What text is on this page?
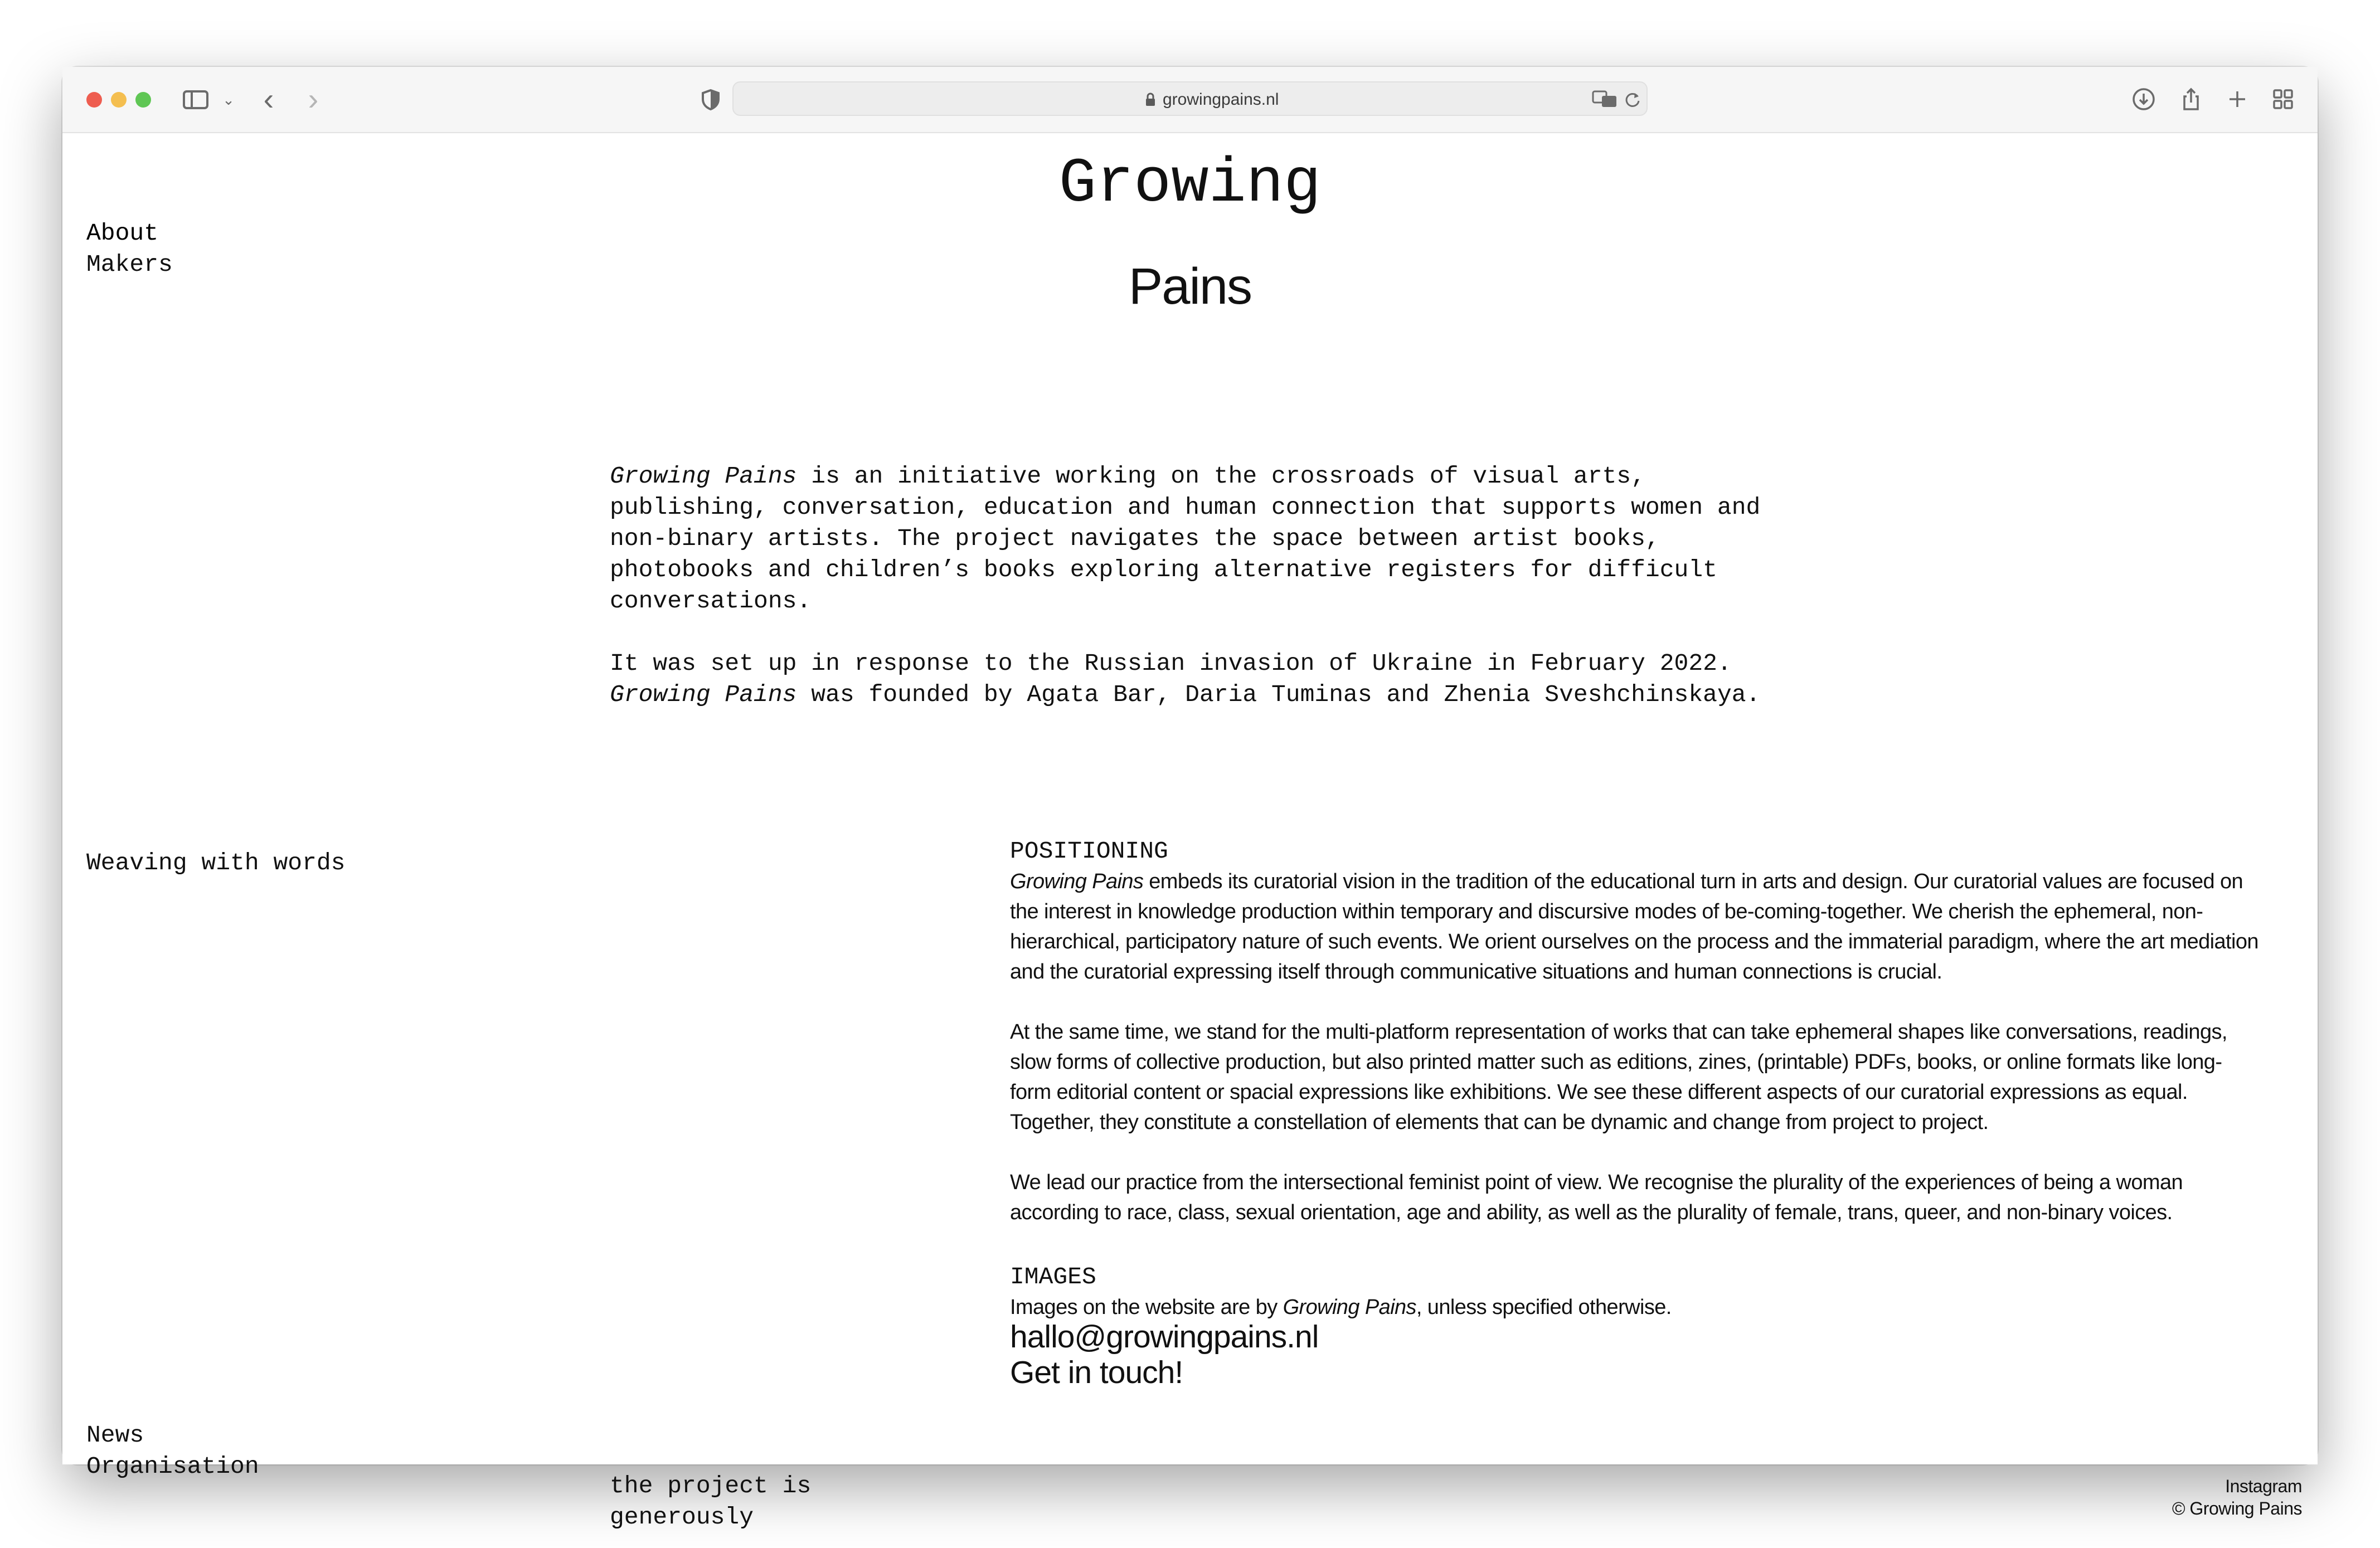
⌄ ‹ ›	growingpains.nl
About
Makers
Weaving with words
News
Organisation
Growing
Pains

Growing Pains is an initiative working on the crossroads of visual arts, publishing, conversation, education and human connection that supports women and non-binary artists. The project navigates the space between artist books, photobooks and children’s books exploring alternative registers for difficult conversations.

It was set up in response to the Russian invasion of Ukraine in February 2022. Growing Pains was founded by Agata Bar, Daria Tuminas and Zhenia Sveshchinskaya.

POSITIONING

Growing Pains embeds its curatorial vision in the tradition of the educational turn in arts and design. Our curatorial values are focused on the interest in knowledge production within temporary and discursive modes of be-coming-together. We cherish the ephemeral, non-hierarchical, participatory nature of such events. We orient ourselves on the process and the immaterial paradigm, where the art mediation and the curatorial expressing itself through communicative situations and human connections is crucial.

At the same time, we stand for the multi-platform representation of works that can take ephemeral shapes like conversations, readings, slow forms of collective production, but also printed matter such as editions, zines, (printable) PDFs, books, or online formats like long-form editorial content or spacial expressions like exhibitions. We see these different aspects of our curatorial expressions as equal. Together, they constitute a constellation of elements that can be dynamic and change from project to project.

We lead our practice from the intersectional feminist point of view. We recognise the plurality of the experiences of being a woman according to race, class, sexual orientation, age and ability, as well as the plurality of female, trans, queer, and non-binary voices.

IMAGES
Images on the website are by Growing Pains, unless specified otherwise.
hallo@growingpains.nl
Get in touch!
the project is
generously
Instagram
© Growing Pains
